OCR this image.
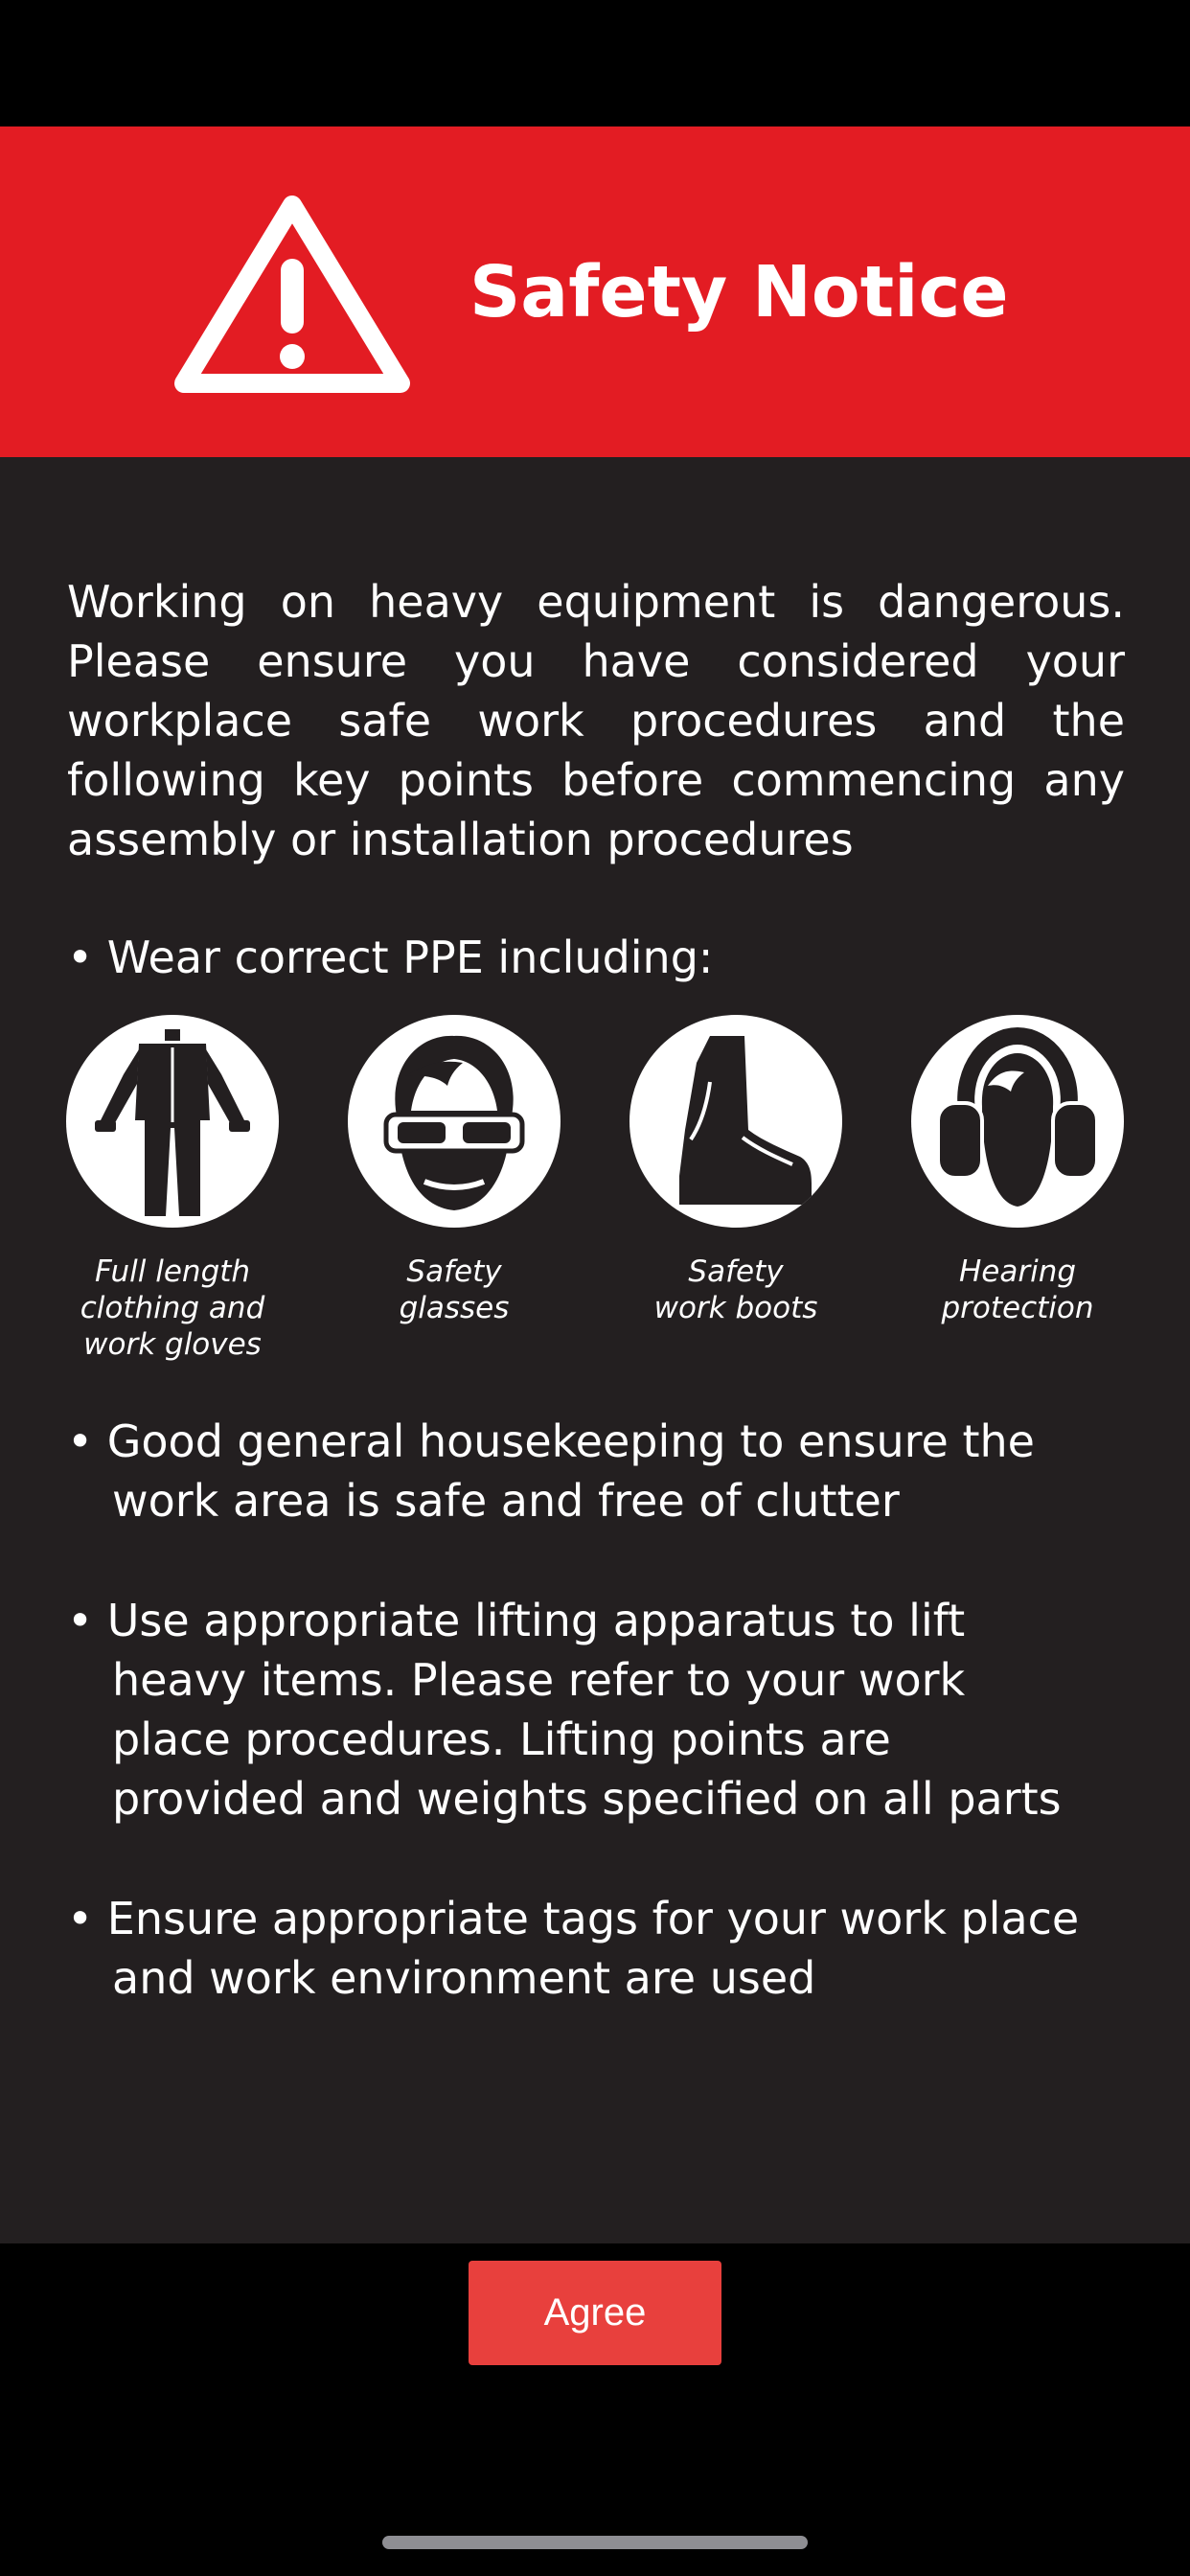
Safety Notice
Working on heavy equipment is dangerous. Please ensure you have considered your workplace safe work procedures and the following key points before commencing any assembly or installation procedures
• Wear correct PPE including:
Full length
clothing and
work gloves
Safety
glasses
Safety
work boots
Hearing
protection
• Good general housekeeping to ensure the
work area is safe and free of clutter
• Use appropriate lifting apparatus to lift
heavy items. Please refer to your work
place procedures. Lifting points are
provided and weights specified on all parts
• Ensure appropriate tags for your work place
and work environment are used
Agree
